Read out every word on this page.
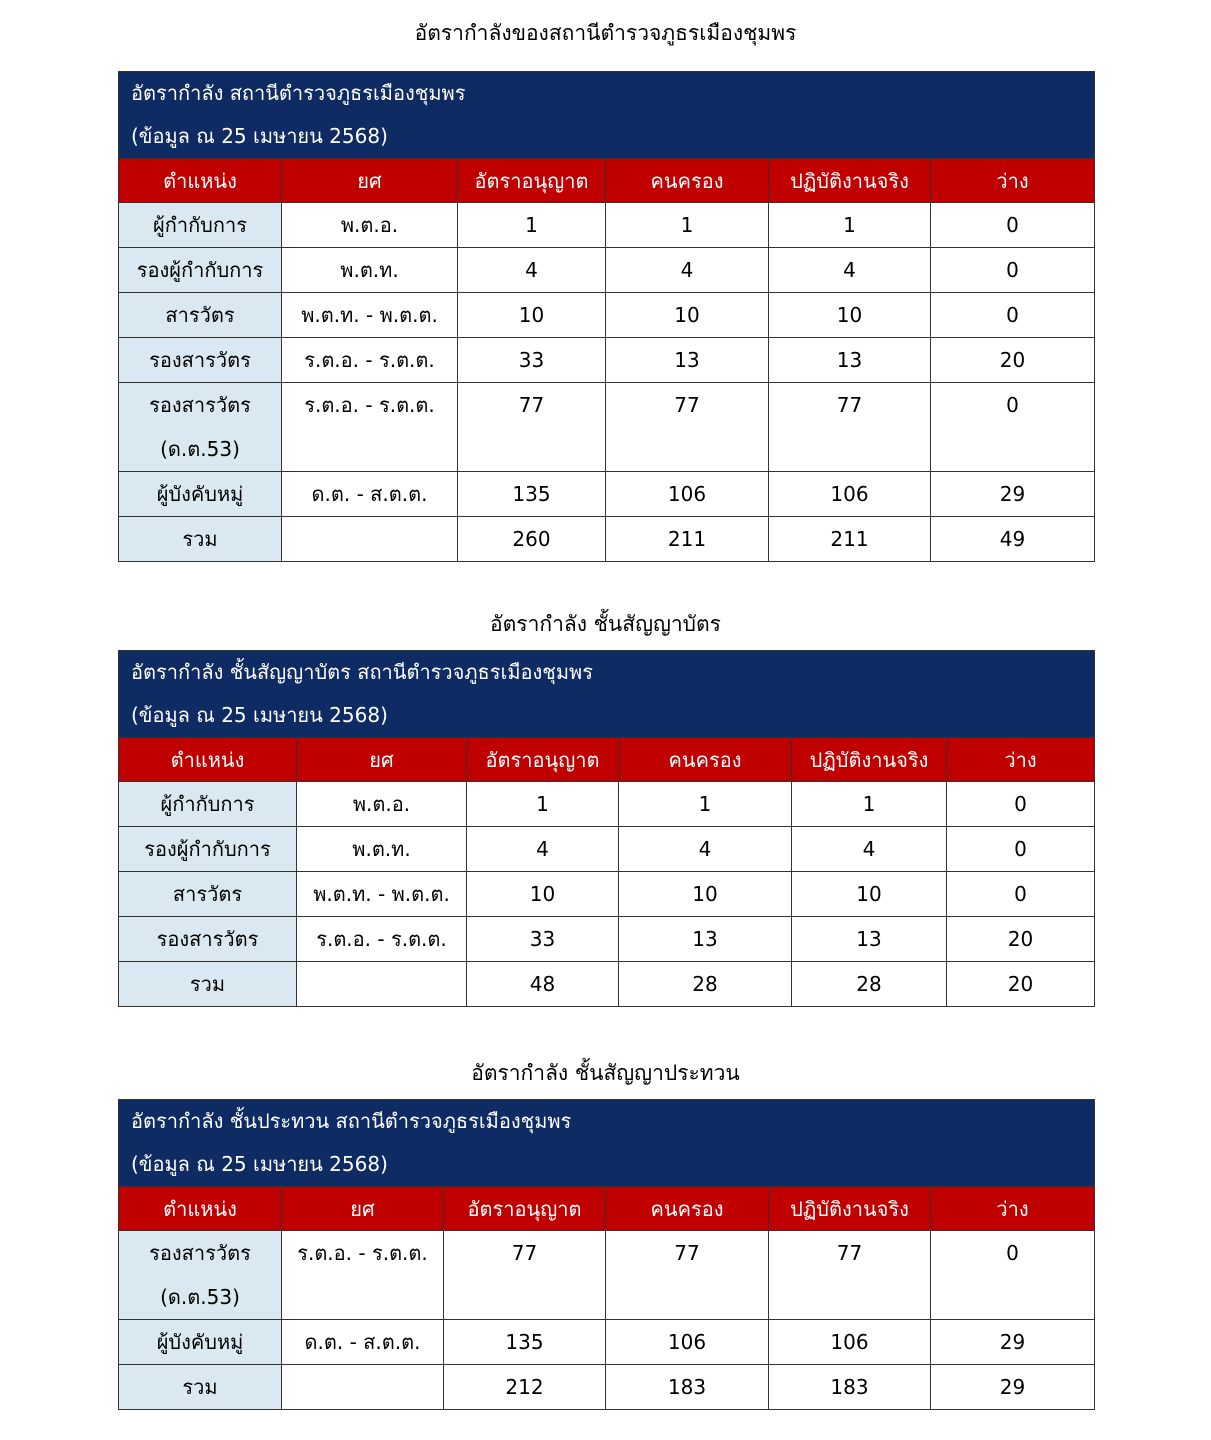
อัตรากำลังของสถานีตำรวจภูธรเมืองชุมพร
อัตรากำลัง สถานีตำรวจภูธรเมืองชุมพร
(ข้อมูล ณ 25 เมษายน 2568)					

ตำแหน่ง	ยศ	อัตราอนุญาต	คนครอง	ปฏิบัติงานจริง	ว่าง
ผู้กำกับการ	พ.ต.อ.	1	1	1	0
รองผู้กำกับการ	พ.ต.ท.	4	4	4	0
สารวัตร	พ.ต.ท. - พ.ต.ต.	10	10	10	0
รองสารวัตร	ร.ต.อ. - ร.ต.ต.	33	13	13	20

รองสารวัตร
(ด.ต.53)	ร.ต.อ. - ร.ต.ต.	77	77	77	0
ผู้บังคับหมู่	ด.ต. - ส.ต.ต.	135	106	106	29
รวม		260	211	211	49
อัตรากำลัง ชั้นสัญญาบัตร
อัตรากำลัง ชั้นสัญญาบัตร สถานีตำรวจภูธรเมืองชุมพร
(ข้อมูล ณ 25 เมษายน 2568)					

ตำแหน่ง	ยศ	อัตราอนุญาต	คนครอง	ปฏิบัติงานจริง	ว่าง
ผู้กำกับการ	พ.ต.อ.	1	1	1	0
รองผู้กำกับการ	พ.ต.ท.	4	4	4	0
สารวัตร	พ.ต.ท. - พ.ต.ต.	10	10	10	0
รองสารวัตร	ร.ต.อ. - ร.ต.ต.	33	13	13	20
รวม		48	28	28	20
อัตรากำลัง ชั้นสัญญาประทวน
อัตรากำลัง ชั้นประทวน สถานีตำรวจภูธรเมืองชุมพร
(ข้อมูล ณ 25 เมษายน 2568)					

ตำแหน่ง	ยศ	อัตราอนุญาต	คนครอง	ปฏิบัติงานจริง	ว่าง

รองสารวัตร
(ด.ต.53)	ร.ต.อ. - ร.ต.ต.	77	77	77	0
ผู้บังคับหมู่	ด.ต. - ส.ต.ต.	135	106	106	29
รวม		212	183	183	29
